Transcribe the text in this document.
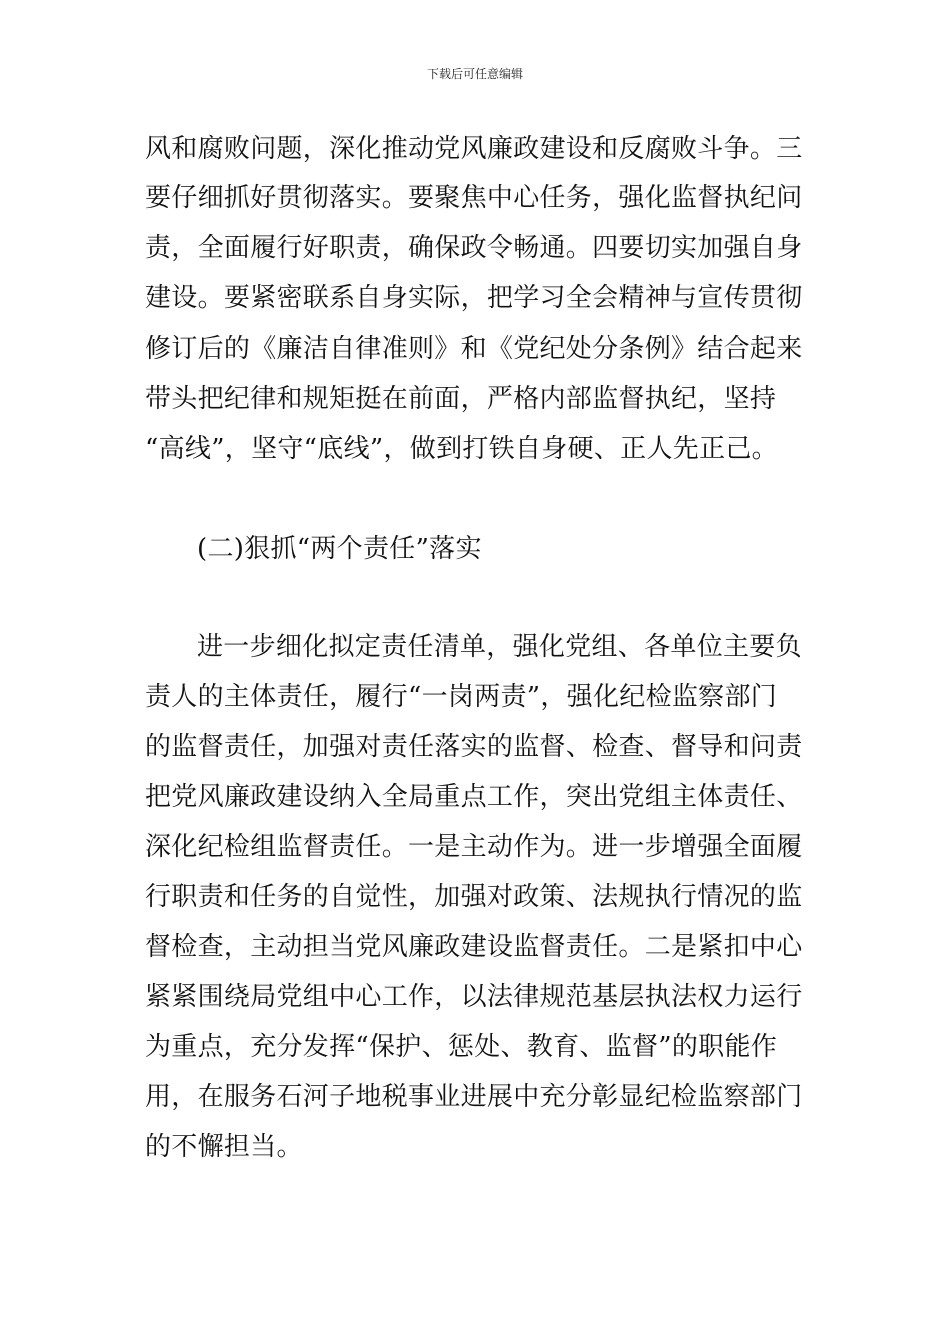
下载后可任意编辑
风和腐败问题，深化推动党风廉政建设和反腐败斗争。三
要仔细抓好贯彻落实。要聚焦中心任务，强化监督执纪问
责，全面履行好职责，确保政令畅通。四要切实加强自身
建设。要紧密联系自身实际，把学习全会精神与宣传贯彻
修订后的《廉洁自律准则》和《党纪处分条例》结合起来
带头把纪律和规矩挺在前面，严格内部监督执纪，坚持
“高线”，坚守“底线”，做到打铁自身硬、正人先正己。
(二)狠抓“两个责任”落实
进一步细化拟定责任清单，强化党组、各单位主要负
责人的主体责任，履行“一岗两责”，强化纪检监察部门
的监督责任，加强对责任落实的监督、检查、督导和问责
把党风廉政建设纳入全局重点工作，突出党组主体责任、
深化纪检组监督责任。一是主动作为。进一步增强全面履
行职责和任务的自觉性，加强对政策、法规执行情况的监
督检查，主动担当党风廉政建设监督责任。二是紧扣中心
紧紧围绕局党组中心工作，以法律规范基层执法权力运行
为重点，充分发挥“保护、惩处、教育、监督”的职能作
用，在服务石河子地税事业进展中充分彰显纪检监察部门
的不懈担当。
